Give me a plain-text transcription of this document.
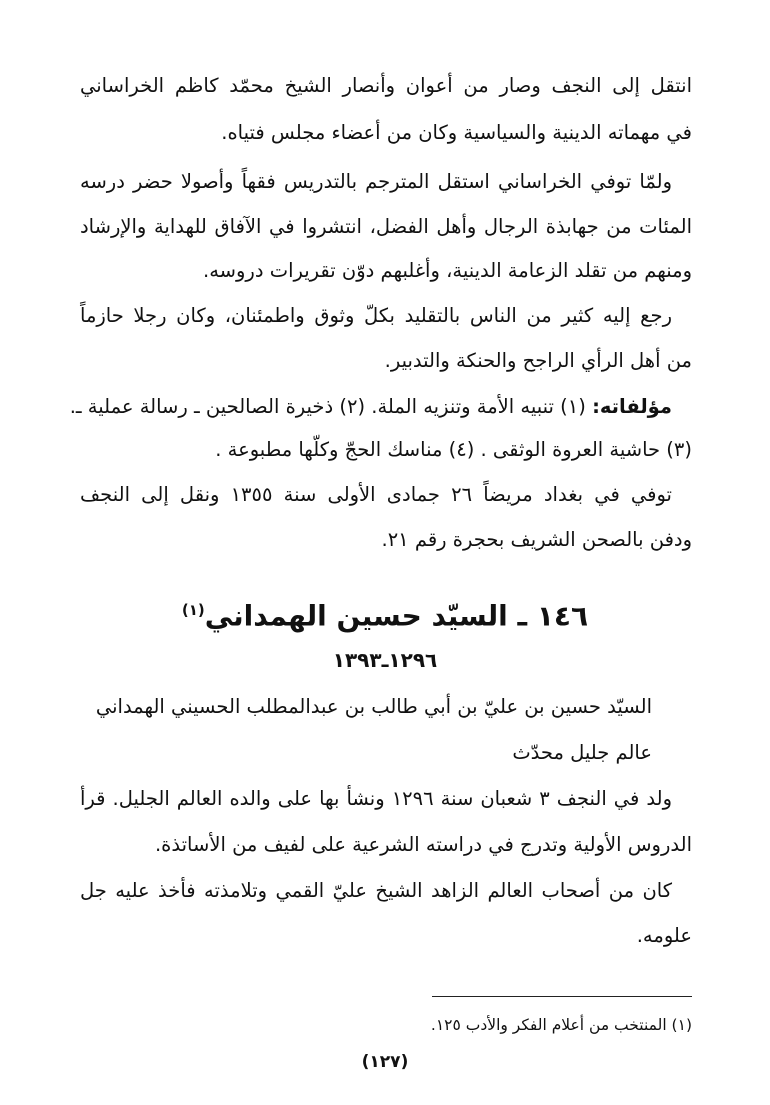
انتقل إلى النجف وصار من أعوان وأنصار الشيخ محمّد كاظم الخراساني
في مهماته الدينية والسياسية وكان من أعضاء مجلس فتياه.
ولمّا توفي الخراساني استقل المترجم بالتدريس فقهاً وأصولا حضر درسه
المئات من جهابذة الرجال وأهل الفضل، انتشروا في الآفاق للهداية والإرشاد
ومنهم من تقلد الزعامة الدينية، وأغلبهم دوّن تقريرات دروسه.
رجع إليه كثير من الناس بالتقليد بكلّ وثوق واطمئنان، وكان رجلا حازماً
من أهل الرأي الراجح والحنكة والتدبير.
مؤلفاته: (١) تنبيه الأمة وتنزيه الملة. (٢) ذخيرة الصالحين ـ رسالة عملية ـ.
(٣) حاشية العروة الوثقى . (٤) مناسك الحجّ وكلّها مطبوعة .
توفي في بغداد مريضاً ٢٦ جمادى الأولى سنة ١٣٥٥ ونقل إلى النجف
ودفن بالصحن الشريف بحجرة رقم ٢١.
١٤٦ ـ السيّد حسين الهمداني$^{(١)}$
١٢٩٦ـ١٣٩٣
السيّد حسين بن عليّ بن أبي طالب بن عبدالمطلب الحسيني الهمداني
عالم جليل محدّث
ولد في النجف ٣ شعبان سنة ١٢٩٦ ونشأ بها على والده العالم الجليل. قرأ
الدروس الأولية وتدرج في دراسته الشرعية على لفيف من الأساتذة.
كان من أصحاب العالم الزاهد الشيخ عليّ القمي وتلامذته فأخذ عليه جل
علومه.
(١) المنتخب من أعلام الفكر والأدب ١٢٥.
(١٢٧)
